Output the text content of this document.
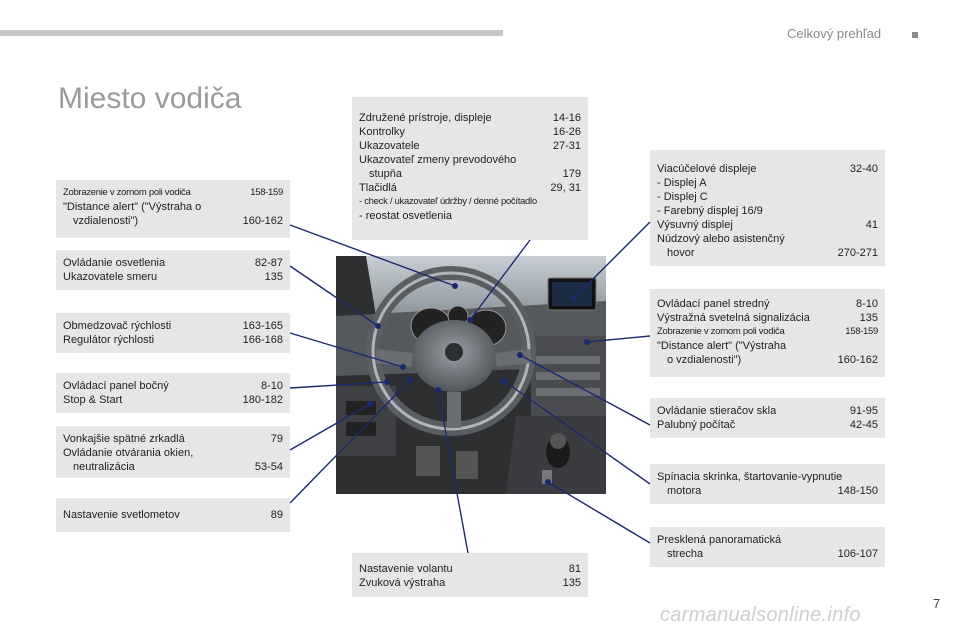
Celkový prehľad
Miesto vodiča
Zobrazenie v zornom poli vodiča	158-159
"Distance alert" ("Výstraha o
vzdialenosti")	160-162
Ovládanie osvetlenia	82-87
Ukazovatele smeru	135
Obmedzovač rýchlosti	163-165
Regulátor rýchlosti	166-168
Ovládací panel bočný	8-10
Stop & Start	180-182
Vonkajšie spätné zrkadlá	79
Ovládanie otvárania okien,
neutralizácia	53-54
Nastavenie svetlometov	89
Združené prístroje, displeje	14-16
Kontrolky	16-26
Ukazovatele	27-31
Ukazovateľ zmeny prevodového
stupňa	179
Tlačidlá	29, 31
- check / ukazovateľ údržby / denné počítadlo
- reostat osvetlenia
Nastavenie volantu	81
Zvuková výstraha	135
Viacúčelové displeje	32-40
- Displej A
- Displej C
- Farebný displej 16/9
Výsuvný displej	41
Núdzový alebo asistenčný
hovor	270-271
Ovládací panel stredný	8-10
Výstražná svetelná signalizácia	135
Zobrazenie v zornom poli vodiča	158-159
"Distance alert" ("Výstraha
o vzdialenosti")	160-162
Ovládanie stieračov skla	91-95
Palubný počítač	42-45
Spínacia skrinka, štartovanie-vypnutie
motora	148-150
Presklená panoramatická
strecha	106-107
carmanualsonline.info
7
